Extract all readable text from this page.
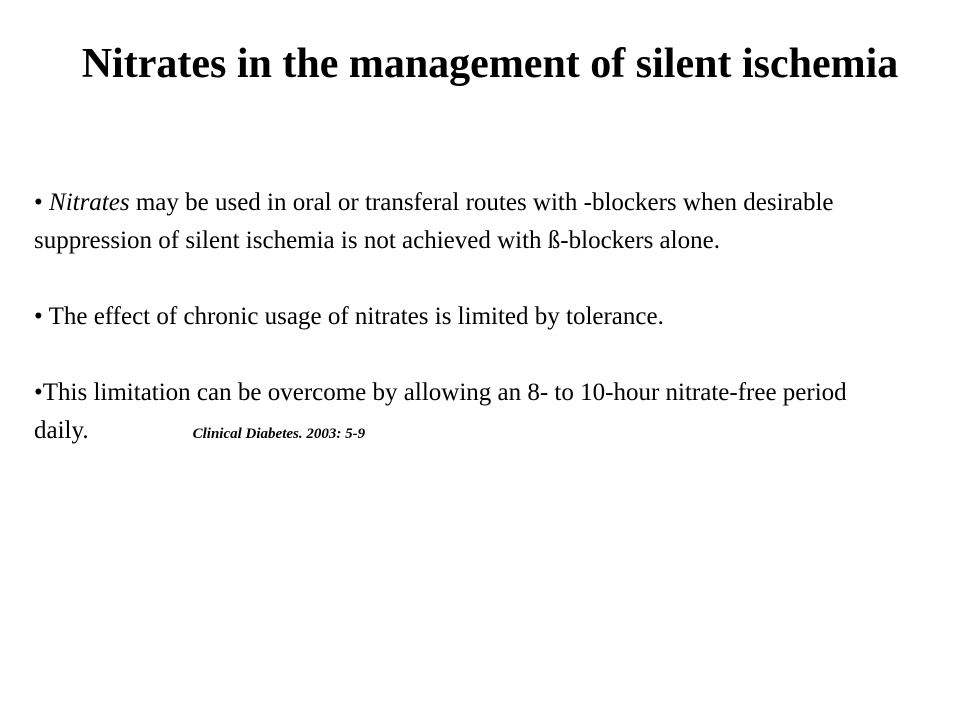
Nitrates in the management of silent ischemia

• Nitrates may be used in oral or transferal routes with -blockers when desirable suppression of silent ischemia is not achieved with ß-blockers alone.

• The effect of chronic usage of nitrates is limited by tolerance.

•This limitation can be overcome by allowing an 8- to 10-hour nitrate-free period daily.	Clinical Diabetes. 2003: 5-9
